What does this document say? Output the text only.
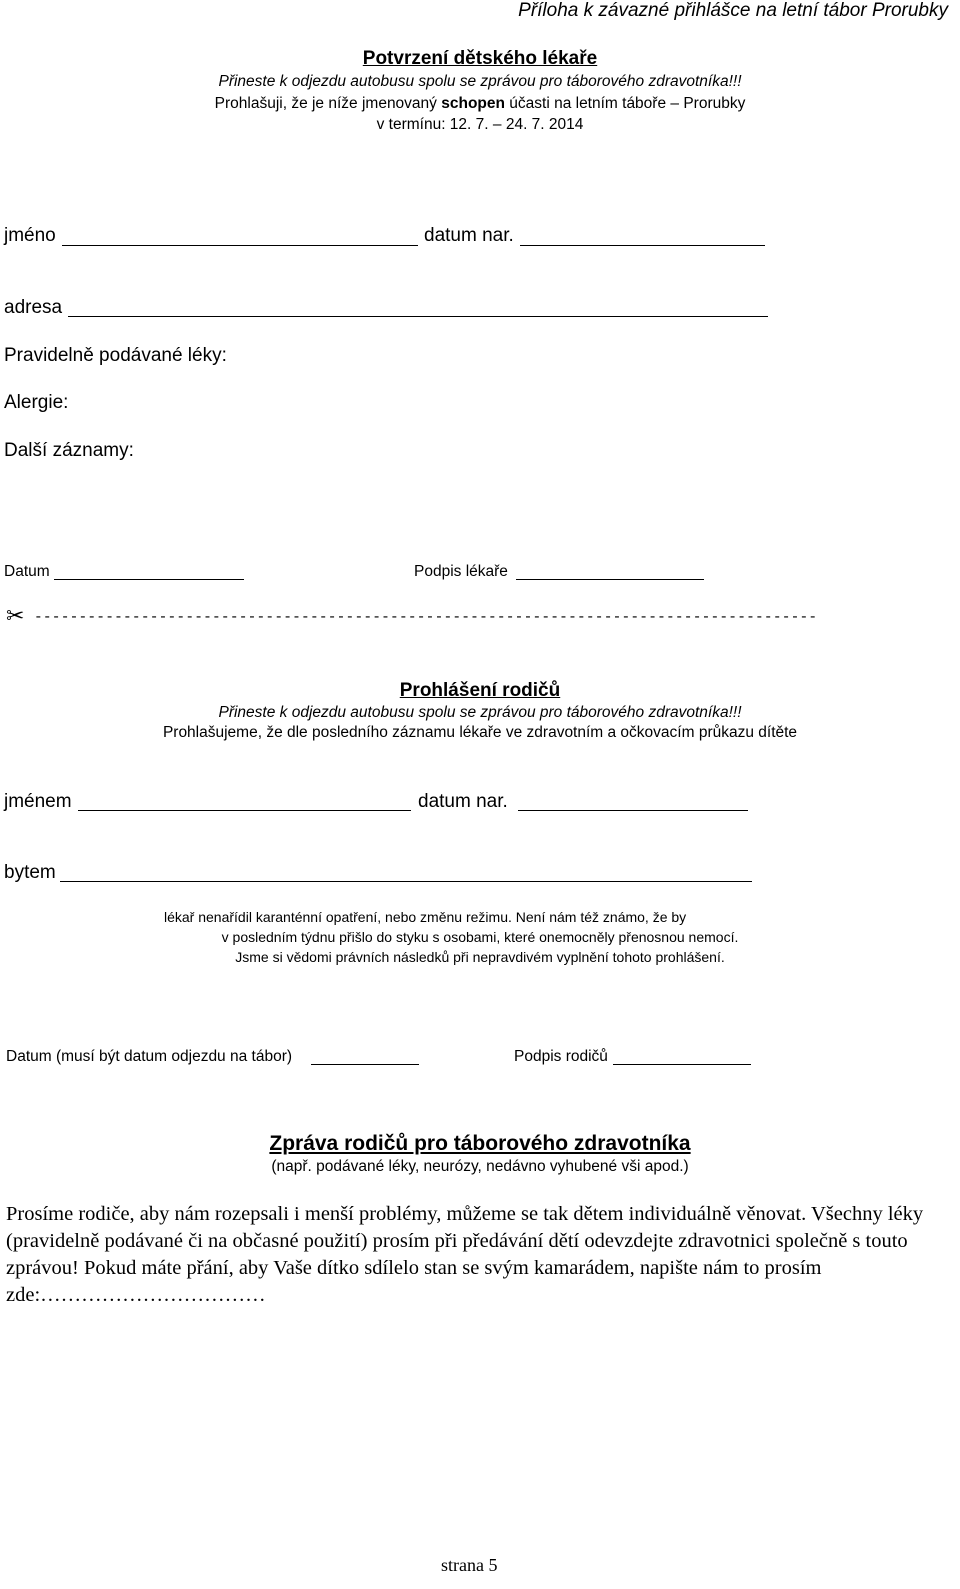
Příloha k závazné přihlášce na letní tábor Prorubky
Potvrzení dětského lékaře
Přineste k odjezdu autobusu spolu se zprávou pro táborového zdravotníka!!!
Prohlašuji, že je níže jmenovaný schopen účasti na letním táboře – Prorubky
v termínu: 12. 7. – 24. 7. 2014
jméno	datum nar.
adresa
Pravidelně podávané léky:
Alergie:
Další záznamy:
Datum	Podpis lékaře
✂ ----------------------------------------------------------------------------------------
Prohlášení rodičů
Přineste k odjezdu autobusu spolu se zprávou pro táborového zdravotníka!!!
Prohlašujeme, že dle posledního záznamu lékaře ve zdravotním a očkovacím průkazu dítěte
jménem	datum nar.
bytem
lékař nenařídil karanténní opatření, nebo změnu režimu. Není nám též známo, že by
v posledním týdnu přišlo do styku s osobami, které onemocněly přenosnou nemocí.
Jsme si vědomi právních následků při nepravdivém vyplnění tohoto prohlášení.
Datum (musí být datum odjezdu na tábor)	Podpis rodičů
Zpráva rodičů pro táborového zdravotníka
(např. podávané léky, neurózy, nedávno vyhubené vši apod.)
Prosíme rodiče, aby nám rozepsali i menší problémy, můžeme se tak dětem individuálně věnovat. Všechny léky (pravidelně podávané či na občasné použití) prosím při předávání dětí odevzdejte zdravotnici společně s touto zprávou! Pokud máte přání, aby Vaše dítko sdílelo stan se svým kamarádem, napište nám to prosím zde:……………………………
strana 5
